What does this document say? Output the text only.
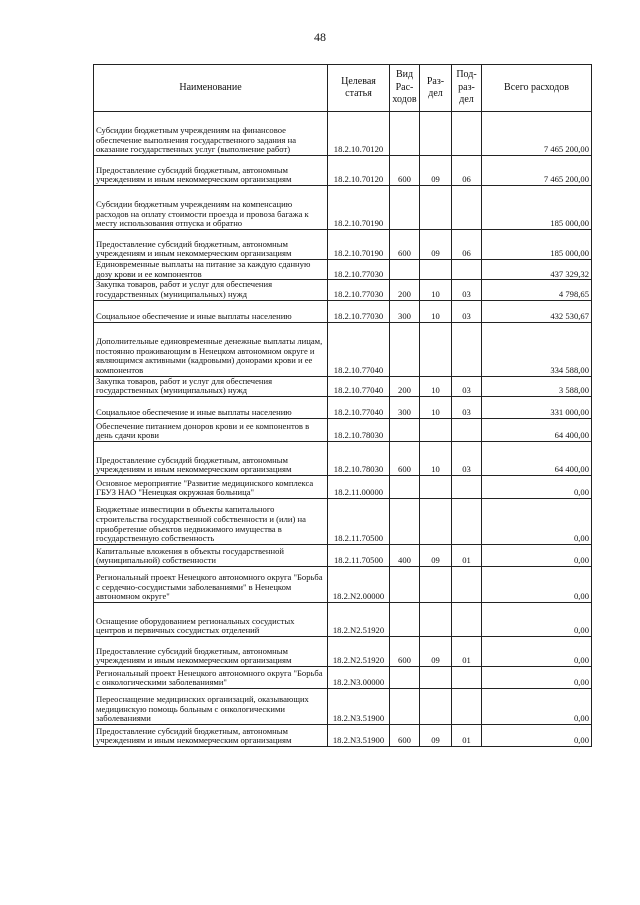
48
Наименование	Целевая статья	Вид Рас-ходов	Раз-дел	Под-раз-дел	Всего расходов
Субсидии бюджетным учреждениям на финансовое обеспечение выполнения государственного задания на оказание государственных услуг (выполнение работ)	18.2.10.70120				7 465 200,00
Предоставление субсидий бюджетным, автономным учреждениям и иным некоммерческим организациям	18.2.10.70120	600	09	06	7 465 200,00
Субсидии бюджетным учреждениям на компенсацию расходов на оплату стоимости проезда и провоза багажа к месту использования отпуска и обратно	18.2.10.70190				185 000,00
Предоставление субсидий бюджетным, автономным учреждениям и иным некоммерческим организациям	18.2.10.70190	600	09	06	185 000,00
Единовременные выплаты на питание за каждую сданную дозу крови и ее компонентов	18.2.10.77030				437 329,32
Закупка товаров, работ и услуг для обеспечения государственных (муниципальных) нужд	18.2.10.77030	200	10	03	4 798,65
Социальное обеспечение и иные выплаты населению	18.2.10.77030	300	10	03	432 530,67
Дополнительные единовременные денежные выплаты лицам, постоянно проживающим в Ненецком автономном округе и являющимся активными (кадровыми) донорами крови и ее компонентов	18.2.10.77040				334 588,00
Закупка товаров, работ и услуг для обеспечения государственных (муниципальных) нужд	18.2.10.77040	200	10	03	3 588,00
Социальное обеспечение и иные выплаты населению	18.2.10.77040	300	10	03	331 000,00
Обеспечение питанием доноров крови и ее компонентов в день сдачи крови	18.2.10.78030				64 400,00
Предоставление субсидий бюджетным, автономным учреждениям и иным некоммерческим организациям	18.2.10.78030	600	10	03	64 400,00
Основное мероприятие "Развитие медицинского комплекса ГБУЗ НАО "Ненецкая окружная больница"	18.2.11.00000				0,00
Бюджетные инвестиции в объекты капитального строительства государственной собственности и (или) на приобретение объектов недвижимого имущества в государственную собственность	18.2.11.70500				0,00
Капитальные вложения в объекты государственной (муниципальной) собственности	18.2.11.70500	400	09	01	0,00
Региональный проект Ненецкого автономного округа "Борьба с сердечно-сосудистыми заболеваниями" в Ненецком автономном округе"	18.2.N2.00000				0,00
Оснащение оборудованием региональных сосудистых центров и первичных сосудистых отделений	18.2.N2.51920				0,00
Предоставление субсидий бюджетным, автономным учреждениям и иным некоммерческим организациям	18.2.N2.51920	600	09	01	0,00
Региональный проект Ненецкого автономного округа "Борьба с онкологическими заболеваниями"	18.2.N3.00000				0,00
Переоснащение медицинских организаций, оказывающих медицинскую помощь больным с онкологическими заболеваниями	18.2.N3.51900				0,00
Предоставление субсидий бюджетным, автономным учреждениям и иным некоммерческим организациям	18.2.N3.51900	600	09	01	0,00
